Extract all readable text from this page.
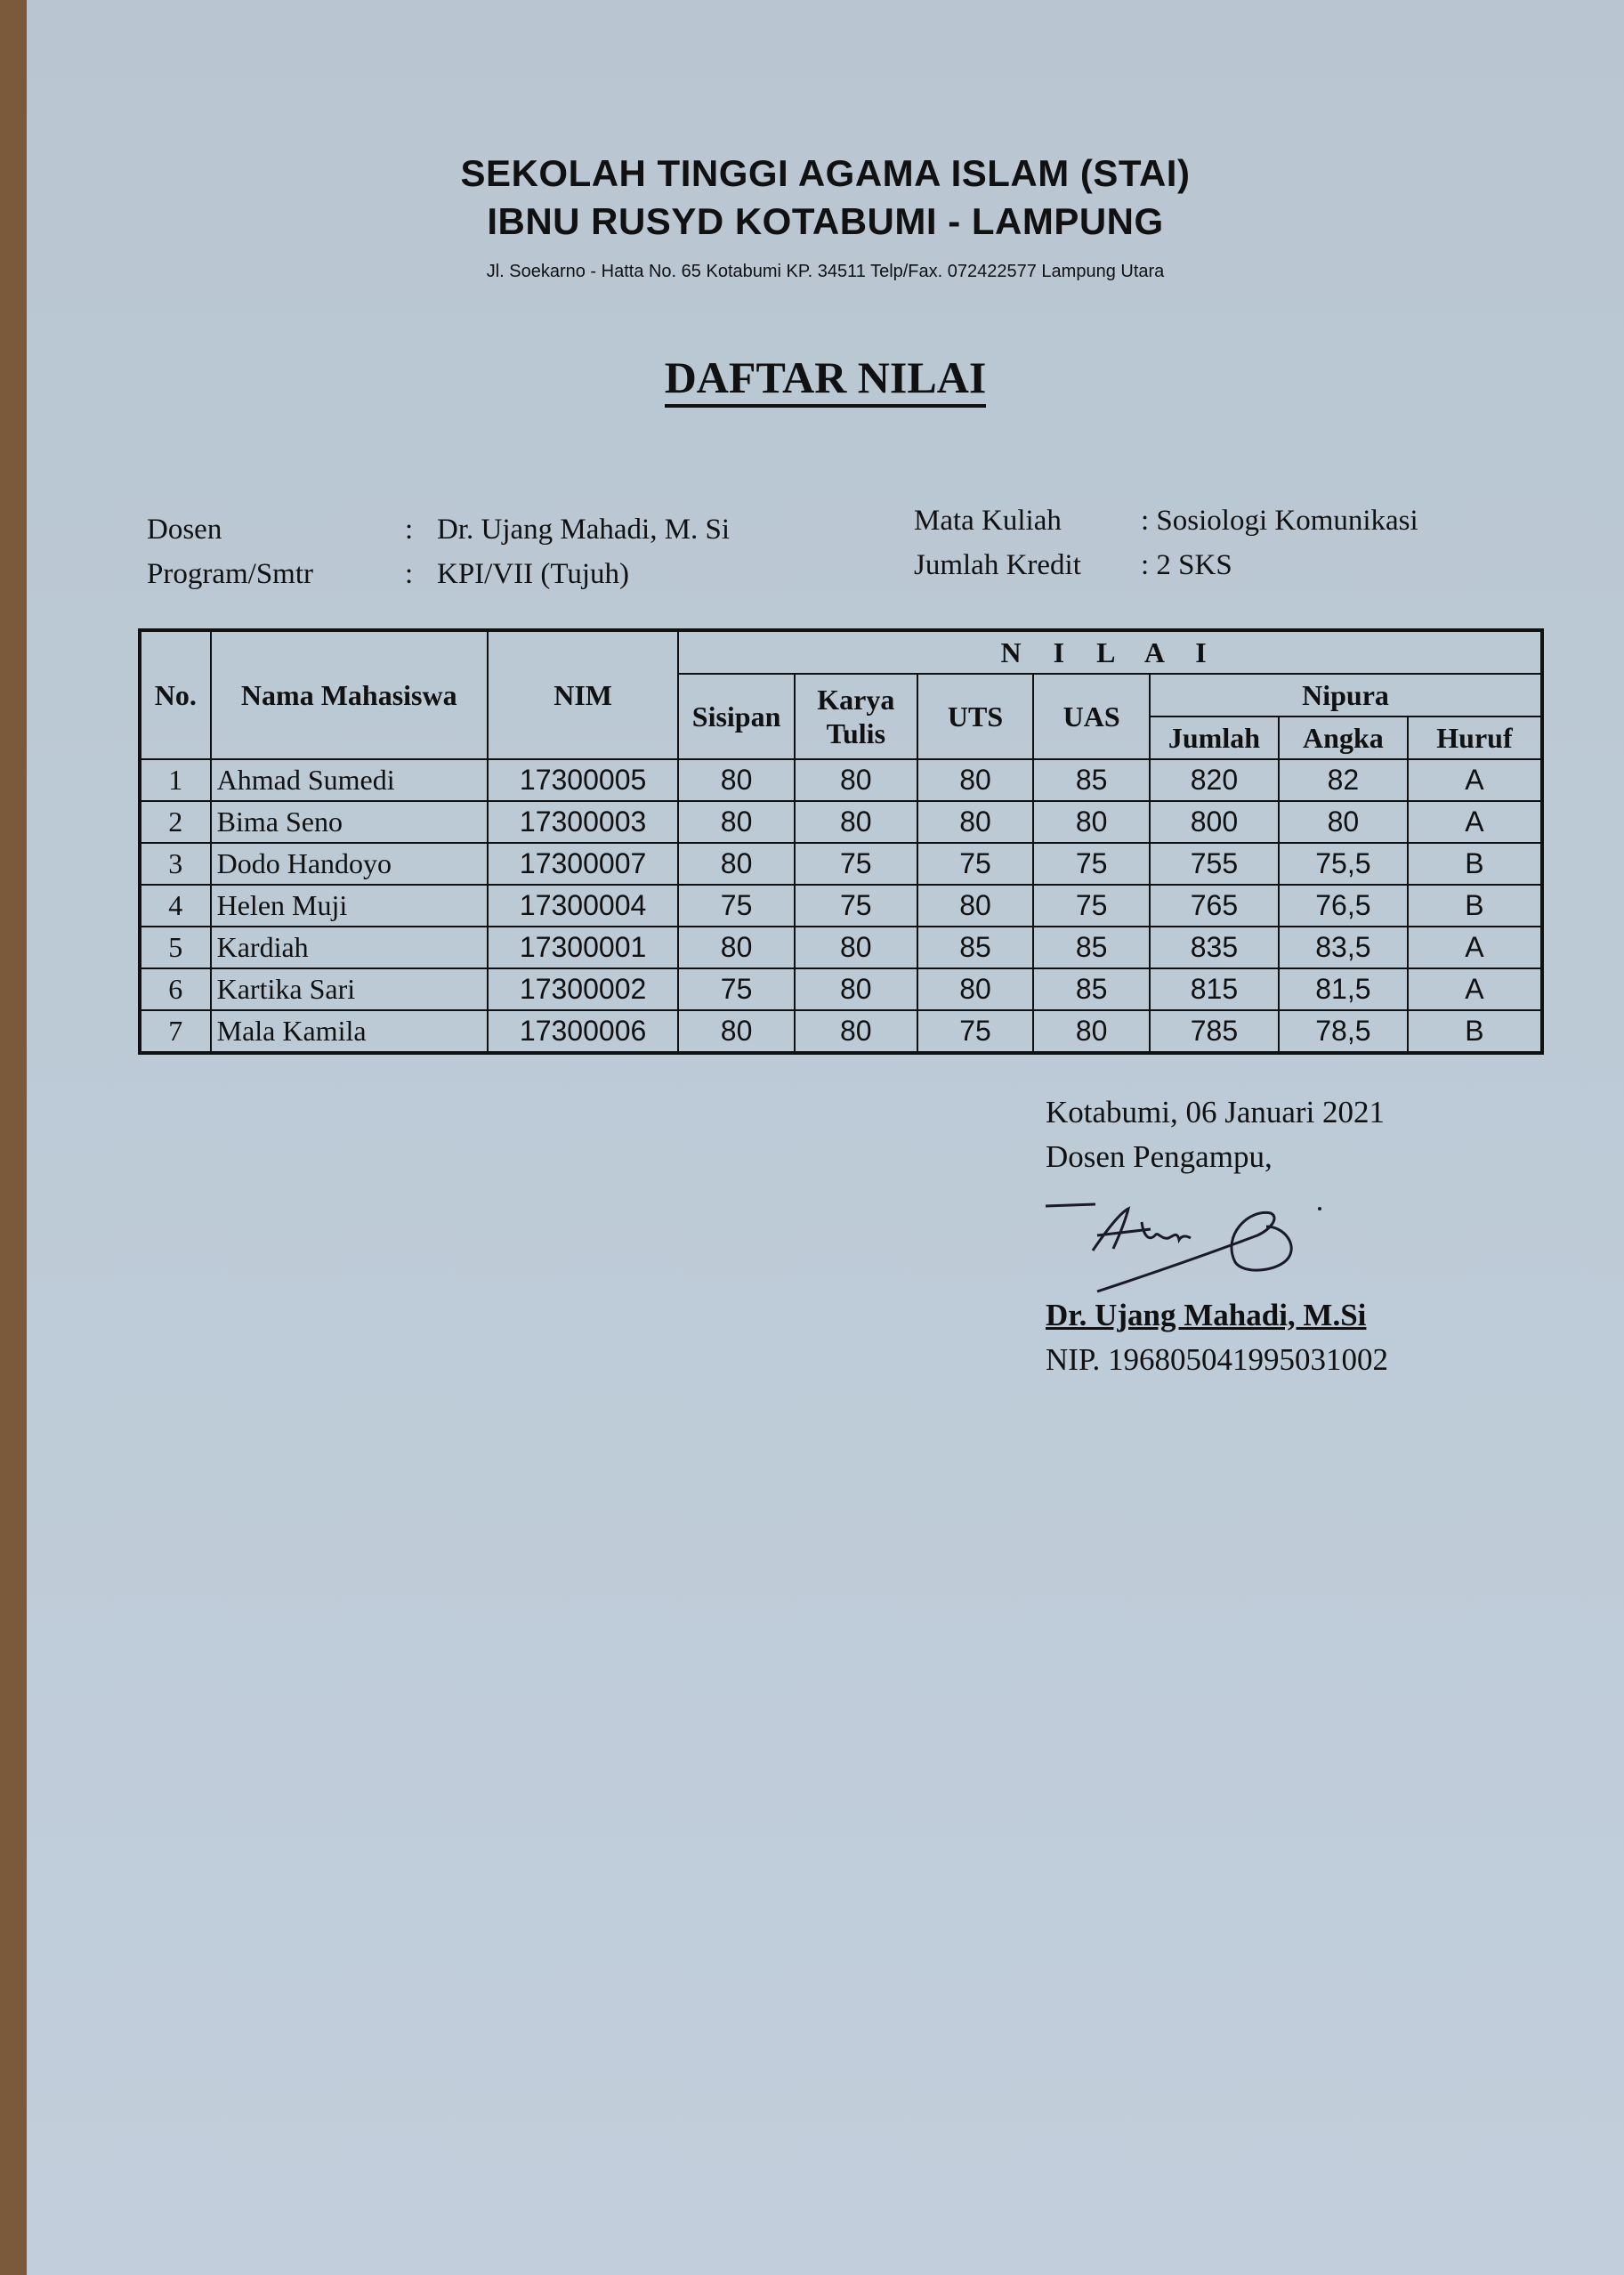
SEKOLAH TINGGI AGAMA ISLAM (STAI)
IBNU RUSYD KOTABUMI - LAMPUNG
Jl. Soekarno - Hatta No. 65 Kotabumi KP. 34511 Telp/Fax. 072422577 Lampung Utara
DAFTAR NILAI
Dosen	: Dr. Ujang Mahadi, M. Si
Program/Smtr	: KPI/VII (Tujuh)
Mata Kuliah	: Sosiologi Komunikasi
Jumlah Kredit : 2 SKS
No.	Nama Mahasiswa	NIM	N I L A I						
			Sisipan	Karya Tulis	UTS	UAS	Nipura		
							Jumlah	Angka	Huruf
1	Ahmad Sumedi	17300005	80	80	80	85	820	82	A
2	Bima Seno	17300003	80	80	80	80	800	80	A
3	Dodo Handoyo	17300007	80	75	75	75	755	75,5	B
4	Helen Muji	17300004	75	75	80	75	765	76,5	B
5	Kardiah	17300001	80	80	85	85	835	83,5	A
6	Kartika Sari	17300002	75	80	80	85	815	81,5	A
7	Mala Kamila	17300006	80	80	75	80	785	78,5	B
Kotabumi, 06 Januari 2021
Dosen Pengampu,
Dr. Ujang Mahadi, M.Si
NIP. 196805041995031002
